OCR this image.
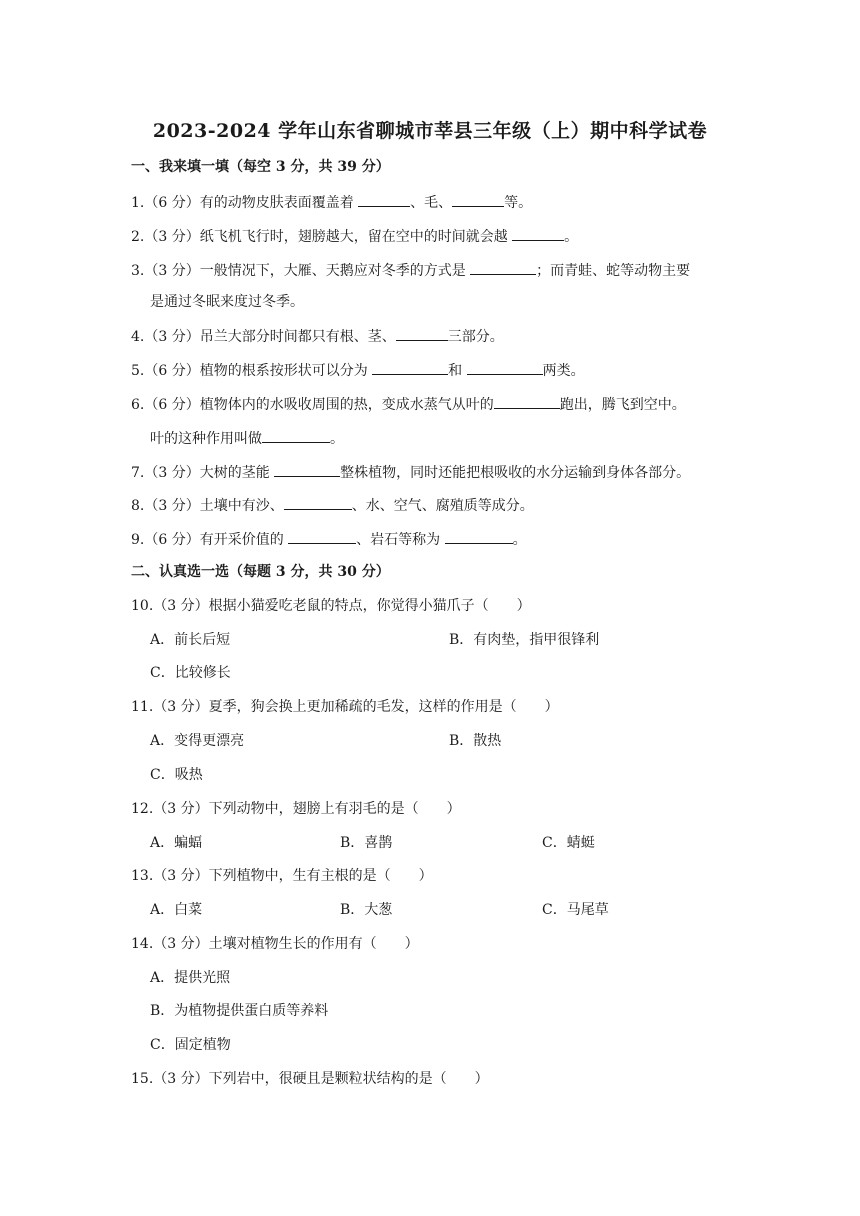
2023-2024 学年山东省聊城市莘县三年级（上）期中科学试卷
一、我来填一填（每空 3 分，共 39 分）
1.（6 分）有的动物皮肤表面覆盖着	、毛、	等。
2.（3 分）纸飞机飞行时，翅膀越大，留在空中的时间就会越	。
3.（3 分）一般情况下，大雁、天鹅应对冬季的方式是	；而青蛙、蛇等动物主要
是通过冬眠来度过冬季。
4.（3 分）吊兰大部分时间都只有根、茎、	三部分。
5.（6 分）植物的根系按形状可以分为	和	两类。
6.（6 分）植物体内的水吸收周围的热，变成水蒸气从叶的	跑出，腾飞到空中。
叶的这种作用叫做	。
7.（3 分）大树的茎能	整株植物，同时还能把根吸收的水分运输到身体各部分。
8.（3 分）土壤中有沙、	、水、空气、腐殖质等成分。
9.（6 分）有开采价值的	、岩石等称为	。
二、认真选一选（每题 3 分，共 30 分）
10.（3 分）根据小猫爱吃老鼠的特点，你觉得小猫爪子（　　）
A．前长后短	B．有肉垫，指甲很锋利
C．比较修长
11.（3 分）夏季，狗会换上更加稀疏的毛发，这样的作用是（　　）
A．变得更漂亮	B．散热
C．吸热
12.（3 分）下列动物中，翅膀上有羽毛的是（　　）
A．蝙蝠	B．喜鹊	C．蜻蜓
13.（3 分）下列植物中，生有主根的是（　　）
A．白菜	B．大葱	C．马尾草
14.（3 分）土壤对植物生长的作用有（　　）
A．提供光照
B．为植物提供蛋白质等养料
C．固定植物
15.（3 分）下列岩中，很硬且是颗粒状结构的是（　　）
